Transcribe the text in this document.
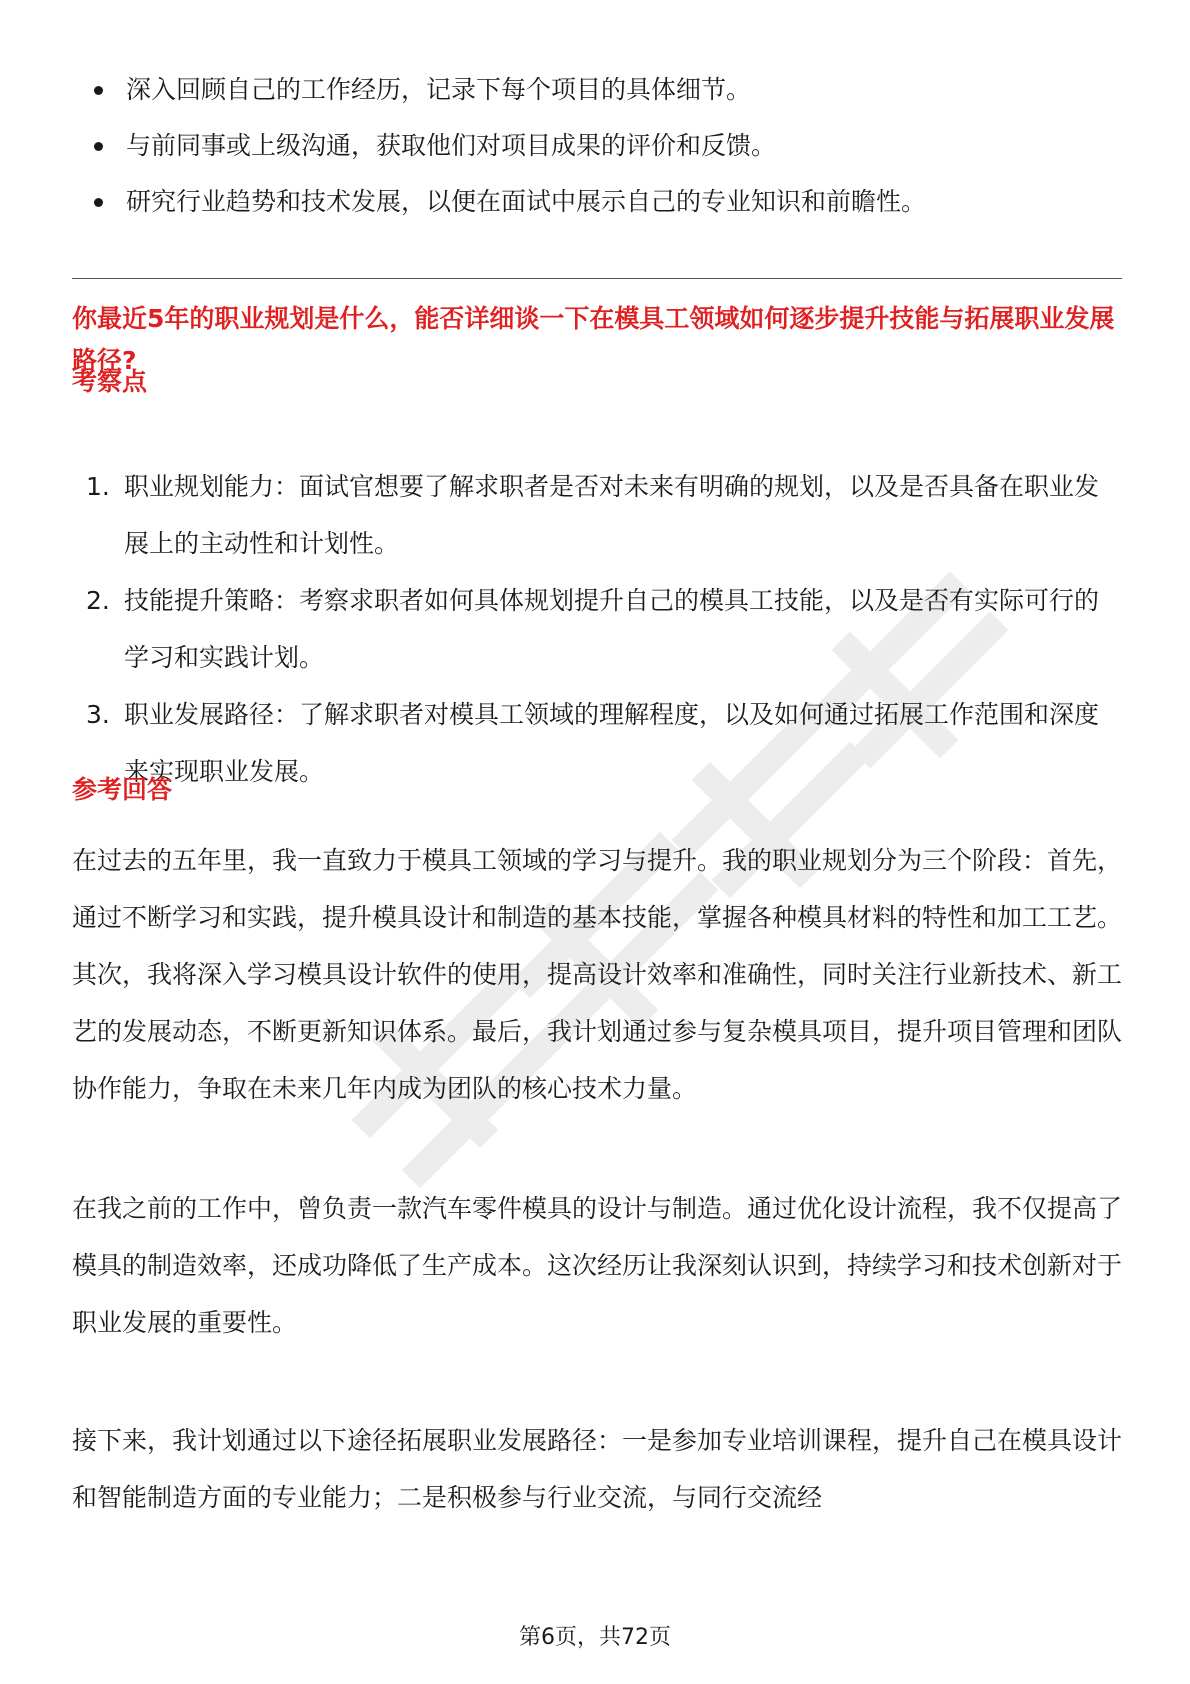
深入回顾自己的工作经历，记录下每个项目的具体细节。
与前同事或上级沟通，获取他们对项目成果的评价和反馈。
研究行业趋势和技术发展，以便在面试中展示自己的专业知识和前瞻性。
你最近5年的职业规划是什么，能否详细谈一下在模具工领域如何逐步提升技能与拓展职业发展路径?
考察点
1. 职业规划能力：面试官想要了解求职者是否对未来有明确的规划，以及是否具备在职业发展上的主动性和计划性。
2. 技能提升策略：考察求职者如何具体规划提升自己的模具工技能，以及是否有实际可行的学习和实践计划。
3. 职业发展路径：了解求职者对模具工领域的理解程度，以及如何通过拓展工作范围和深度来实现职业发展。
参考回答

在过去的五年里，我一直致力于模具工领域的学习与提升。我的职业规划分为三个阶段：首先，通过不断学习和实践，提升模具设计和制造的基本技能，掌握各种模具材料的特性和加工工艺。其次，我将深入学习模具设计软件的使用，提高设计效率和准确性，同时关注行业新技术、新工艺的发展动态，不断更新知识体系。最后，我计划通过参与复杂模具项目，提升项目管理和团队协作能力，争取在未来几年内成为团队的核心技术力量。

在我之前的工作中，曾负责一款汽车零件模具的设计与制造。通过优化设计流程，我不仅提高了模具的制造效率，还成功降低了生产成本。这次经历让我深刻认识到，持续学习和技术创新对于职业发展的重要性。

接下来，我计划通过以下途径拓展职业发展路径：一是参加专业培训课程，提升自己在模具设计和智能制造方面的专业能力；二是积极参与行业交流，与同行交流经

第6页，共72页
